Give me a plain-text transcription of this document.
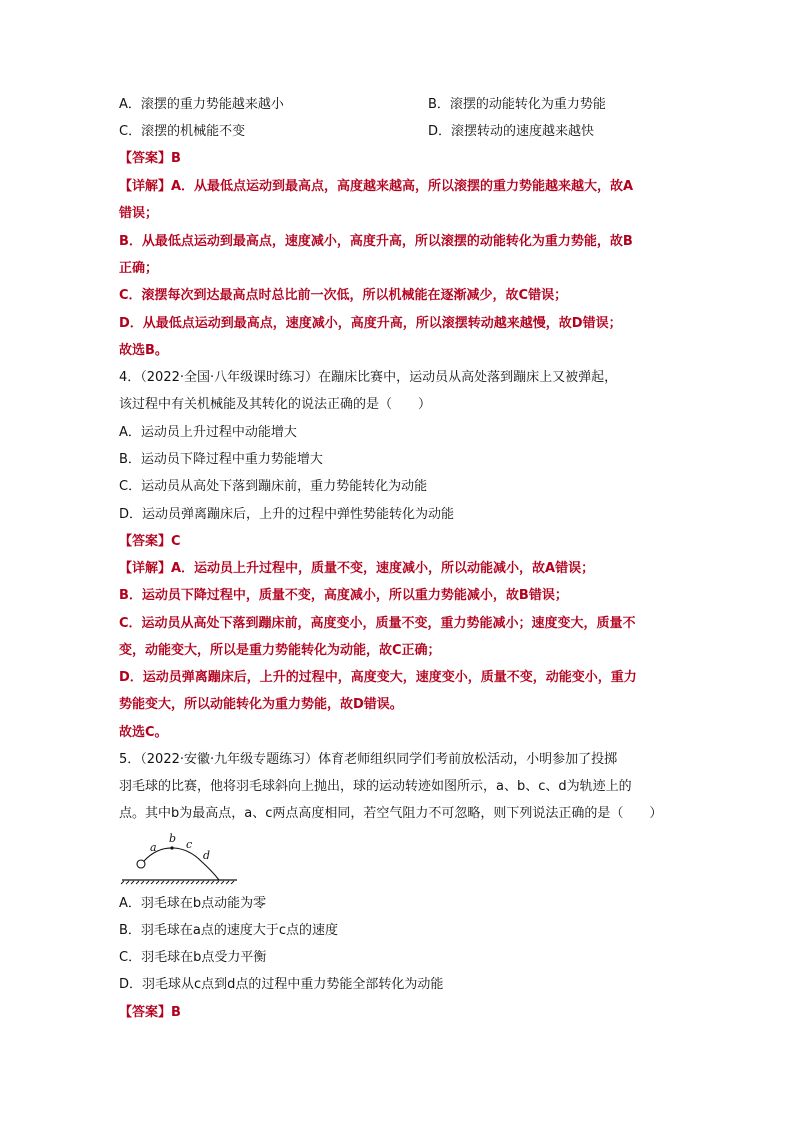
A．滚摆的重力势能越来越小	B．滚摆的动能转化为重力势能
C．滚摆的机械能不变	D．滚摆转动的速度越来越快
【答案】B
【详解】A．从最低点运动到最高点，高度越来越高，所以滚摆的重力势能越来越大，故A
错误；
B．从最低点运动到最高点，速度减小，高度升高，所以滚摆的动能转化为重力势能，故B
正确；
C．滚摆每次到达最高点时总比前一次低，所以机械能在逐渐减少，故C错误；
D．从最低点运动到最高点，速度减小，高度升高，所以滚摆转动越来越慢，故D错误；
故选B。
4．（2022·全国·八年级课时练习）在蹦床比赛中，运动员从高处落到蹦床上又被弹起，
该过程中有关机械能及其转化的说法正确的是（　　）
A．运动员上升过程中动能增大
B．运动员下降过程中重力势能增大
C．运动员从高处下落到蹦床前，重力势能转化为动能
D．运动员弹离蹦床后，上升的过程中弹性势能转化为动能
【答案】C
【详解】A．运动员上升过程中，质量不变，速度减小，所以动能减小，故A错误；
B．运动员下降过程中，质量不变，高度减小，所以重力势能减小，故B错误；
C．运动员从高处下落到蹦床前，高度变小，质量不变，重力势能减小；速度变大，质量不
变，动能变大，所以是重力势能转化为动能，故C正确；
D．运动员弹离蹦床后，上升的过程中，高度变大，速度变小，质量不变，动能变小，重力
势能变大，所以动能转化为重力势能，故D错误。
故选C。
5．（2022·安徽·九年级专题练习）体育老师组织同学们考前放松活动，小明参加了投掷
羽毛球的比赛，他将羽毛球斜向上抛出，球的运动转迹如图所示，a、b、c、d为轨迹上的
点。其中b为最高点，a、c两点高度相同，若空气阻力不可忽略，则下列说法正确的是（　　）
a
b c
d
A．羽毛球在b点动能为零
B．羽毛球在a点的速度大于c点的速度
C．羽毛球在b点受力平衡
D．羽毛球从c点到d点的过程中重力势能全部转化为动能
【答案】B
